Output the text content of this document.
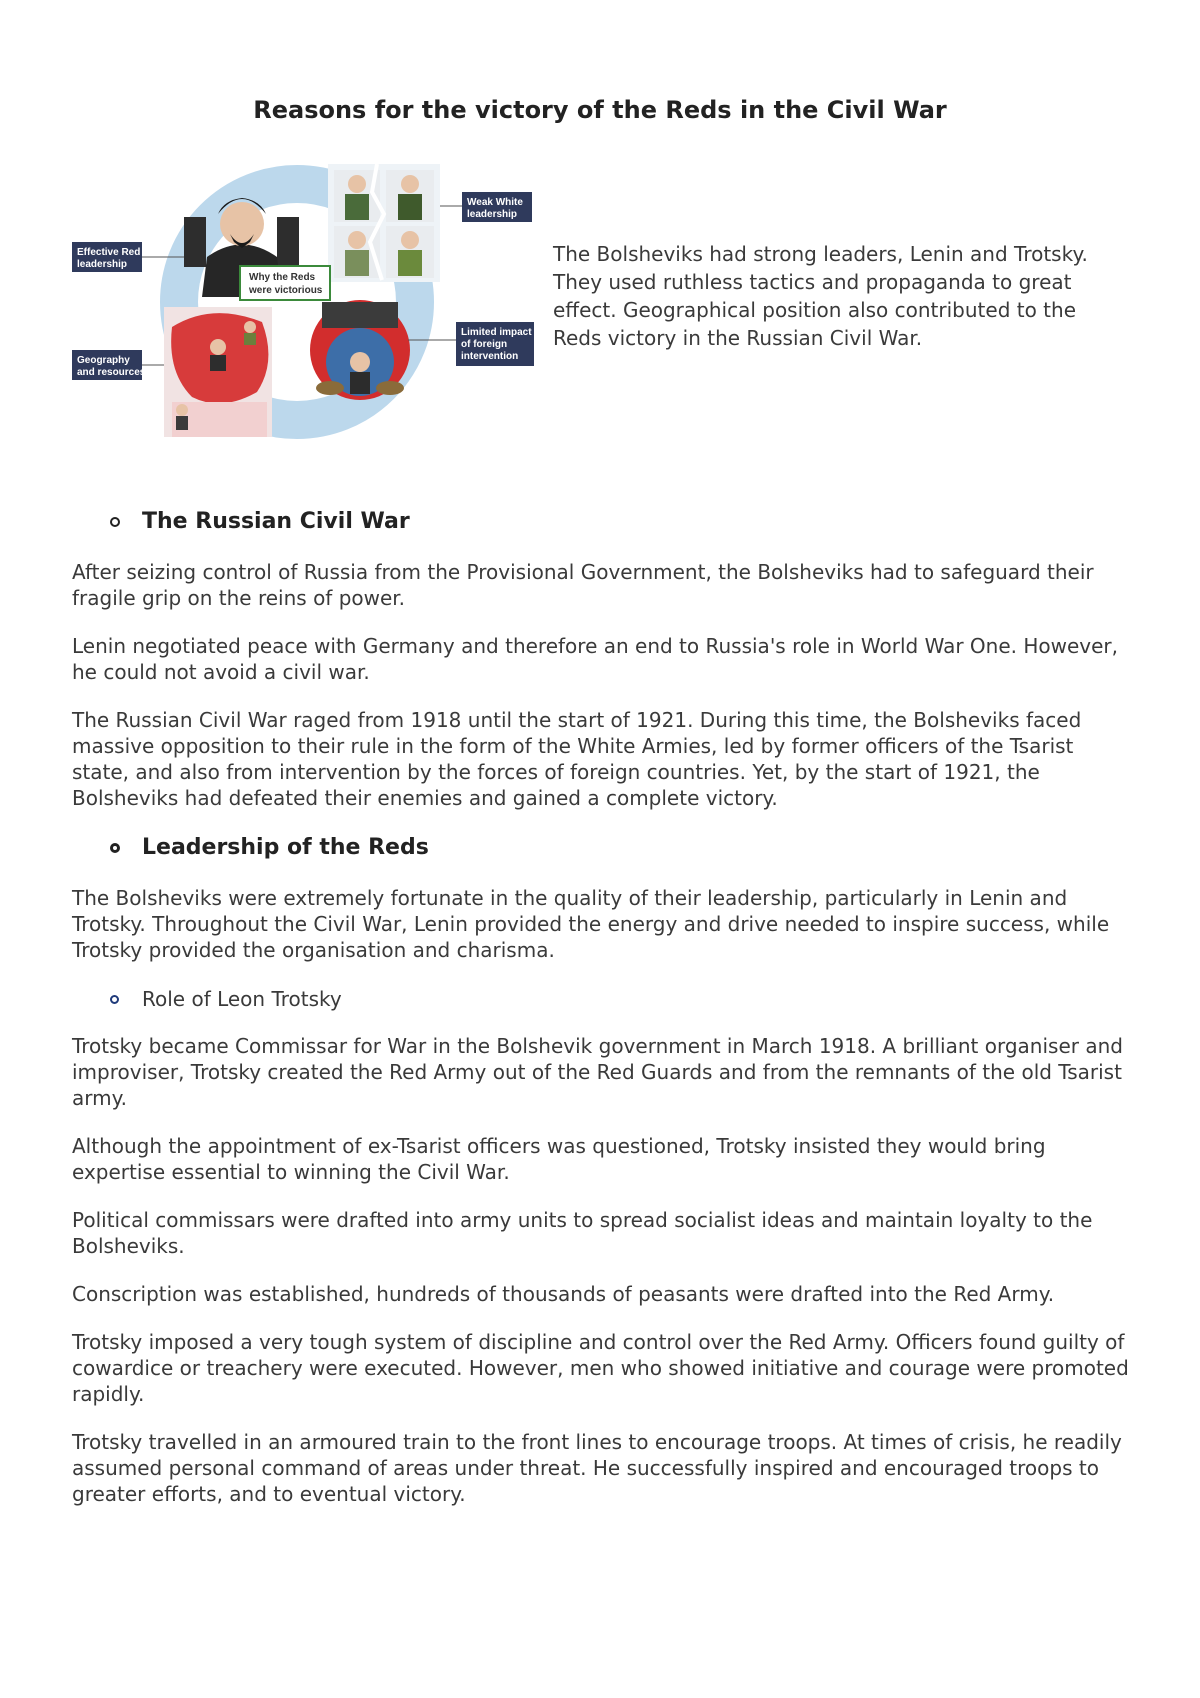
Reasons for the victory of the Reds in the Civil War
Weak White
leadership
Effective Red
leadership
Why the Reds
were victorious
Limited impact
of foreign
intervention
Geography
and resources

The Bolsheviks had strong leaders, Lenin and Trotsky. They used ruthless tactics and propaganda to great effect. Geographical position also contributed to the Reds victory in the Russian Civil War.

The Russian Civil War

After seizing control of Russia from the Provisional Government, the Bolsheviks had to safeguard their fragile grip on the reins of power.

Lenin negotiated peace with Germany and therefore an end to Russia's role in World War One. However, he could not avoid a civil war.

The Russian Civil War raged from 1918 until the start of 1921. During this time, the Bolsheviks faced massive opposition to their rule in the form of the White Armies, led by former officers of the Tsarist state, and also from intervention by the forces of foreign countries. Yet, by the start of 1921, the Bolsheviks had defeated their enemies and gained a complete victory.

Leadership of the Reds

The Bolsheviks were extremely fortunate in the quality of their leadership, particularly in Lenin and Trotsky. Throughout the Civil War, Lenin provided the energy and drive needed to inspire success, while Trotsky provided the organisation and charisma.

Role of Leon Trotsky

Trotsky became Commissar for War in the Bolshevik government in March 1918. A brilliant organiser and improviser, Trotsky created the Red Army out of the Red Guards and from the remnants of the old Tsarist army.

Although the appointment of ex-Tsarist officers was questioned, Trotsky insisted they would bring expertise essential to winning the Civil War.

Political commissars were drafted into army units to spread socialist ideas and maintain loyalty to the Bolsheviks.

Conscription was established, hundreds of thousands of peasants were drafted into the Red Army.

Trotsky imposed a very tough system of discipline and control over the Red Army. Officers found guilty of cowardice or treachery were executed. However, men who showed initiative and courage were promoted rapidly.

Trotsky travelled in an armoured train to the front lines to encourage troops. At times of crisis, he readily assumed personal command of areas under threat. He successfully inspired and encouraged troops to greater efforts, and to eventual victory.
